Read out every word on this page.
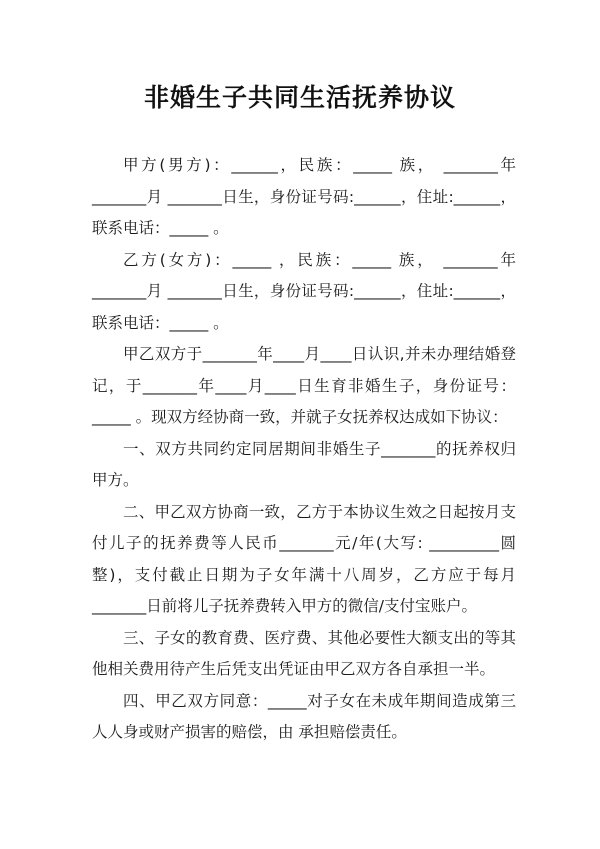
非婚生子共同生活抚养协议

甲方(男方)：______，民族：_____ 族， _______年_______月 _______日生，身份证号码:______，住址:______，联系电话：_____ 。

乙方(女方)：_____ ，民族：_____ 族， _______年_______月 _______日生，身份证号码:______，住址:______，联系电话：_____ 。

甲乙双方于_______年____月____日认识,并未办理结婚登记，于_______年____月____日生育非婚生子，身份证号：_____ 。现双方经协商一致，并就子女抚养权达成如下协议：

一、双方共同约定同居期间非婚生子_______的抚养权归甲方。

二、甲乙双方协商一致，乙方于本协议生效之日起按月支付儿子的抚养费等人民币_______元/年(大写: _________圆整)，支付截止日期为子女年满十八周岁，乙方应于每月_______日前将儿子抚养费转入甲方的微信/支付宝账户。

三、子女的教育费、医疗费、其他必要性大额支出的等其他相关费用待产生后凭支出凭证由甲乙双方各自承担一半。

四、甲乙双方同意：_____对子女在未成年期间造成第三人人身或财产损害的赔偿，由 承担赔偿责任。
